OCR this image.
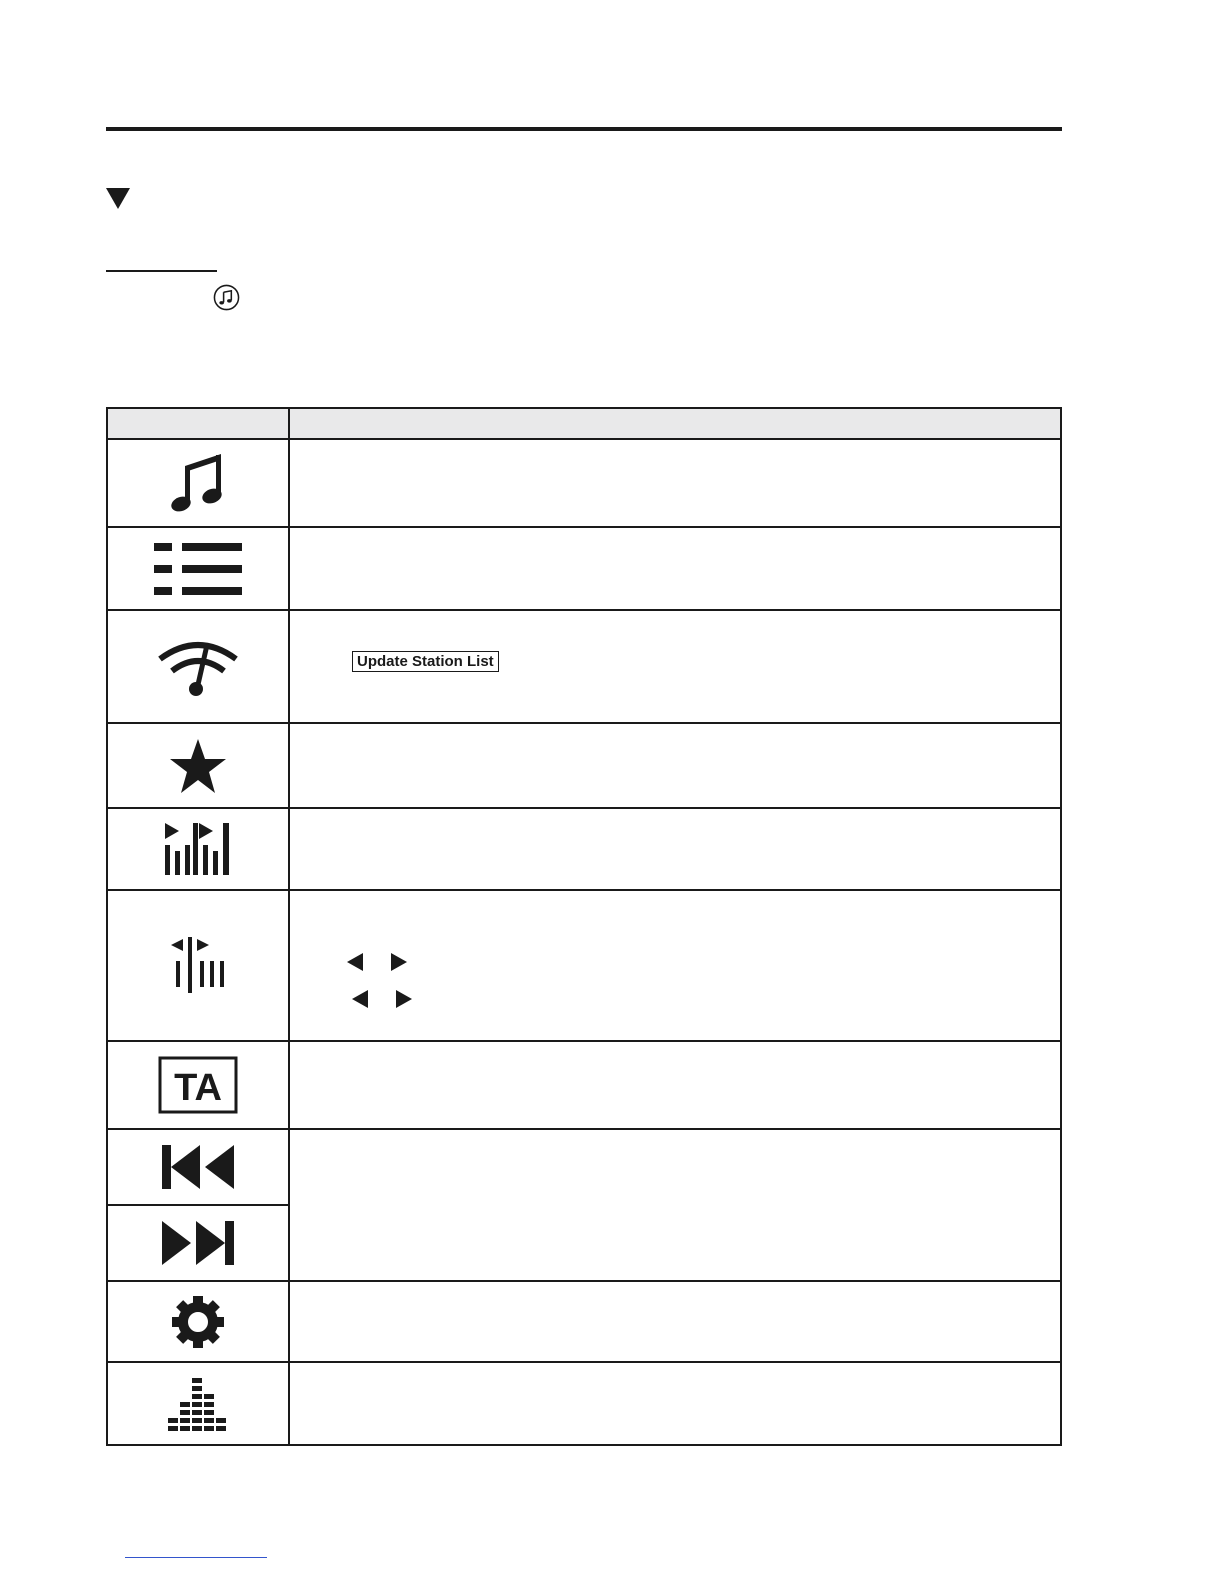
Update Station List

TA	
